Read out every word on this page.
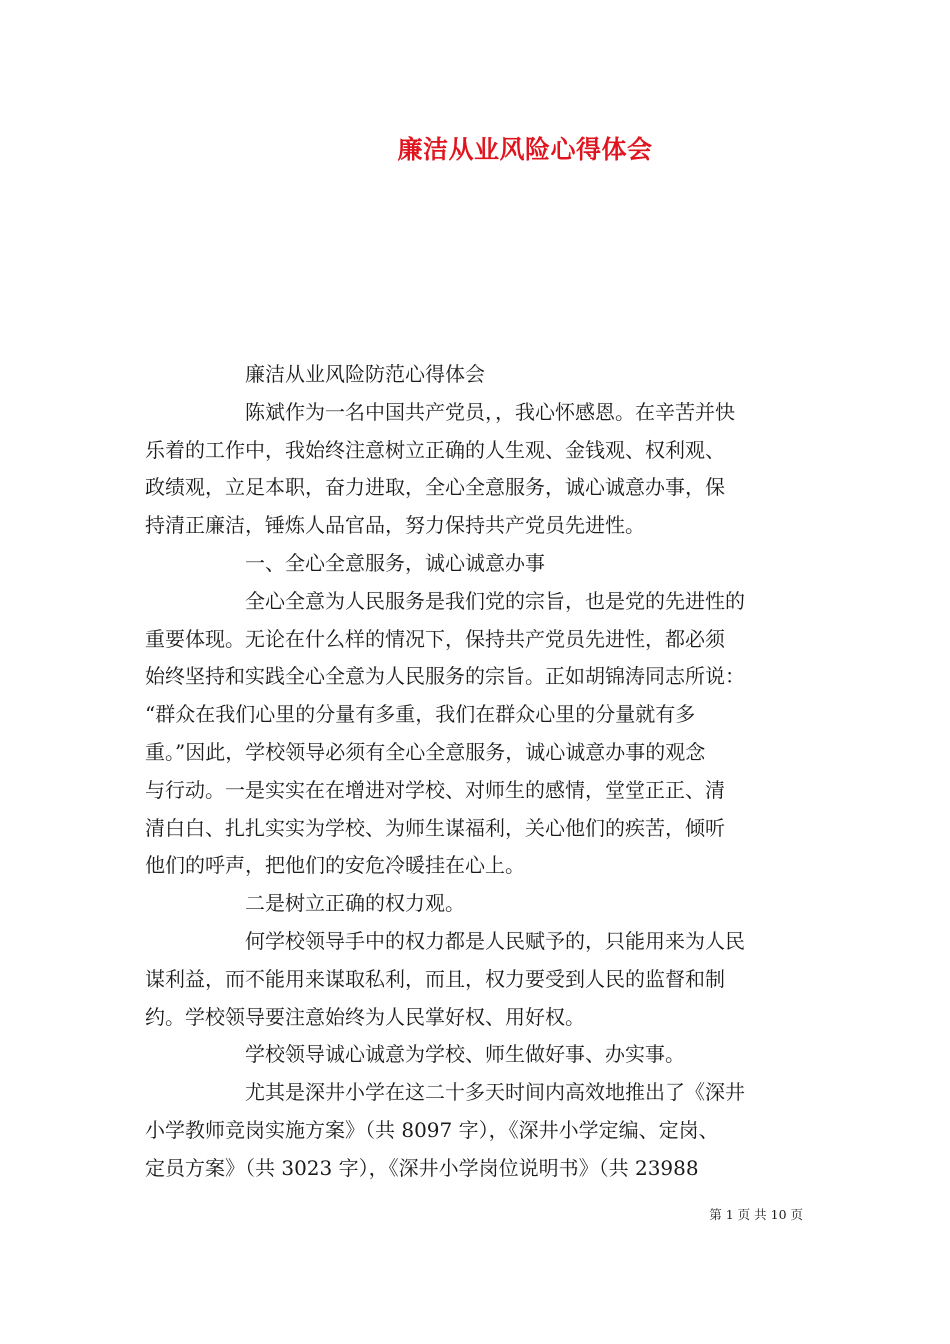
廉洁从业风险心得体会
廉洁从业风险防范心得体会
陈斌作为一名中国共产党员，，我心怀感恩。在辛苦并快
乐着的工作中，我始终注意树立正确的人生观、金钱观、权利观、
政绩观，立足本职，奋力进取，全心全意服务，诚心诚意办事，保
持清正廉洁，锤炼人品官品，努力保持共产党员先进性。
一、全心全意服务，诚心诚意办事
全心全意为人民服务是我们党的宗旨，也是党的先进性的
重要体现。无论在什么样的情况下，保持共产党员先进性，都必须
始终坚持和实践全心全意为人民服务的宗旨。正如胡锦涛同志所说：
“群众在我们心里的分量有多重，我们在群众心里的分量就有多
重。”因此，学校领导必须有全心全意服务，诚心诚意办事的观念
与行动。一是实实在在增进对学校、对师生的感情，堂堂正正、清
清白白、扎扎实实为学校、为师生谋福利，关心他们的疾苦，倾听
他们的呼声，把他们的安危冷暖挂在心上。
二是树立正确的权力观。
何学校领导手中的权力都是人民赋予的，只能用来为人民
谋利益，而不能用来谋取私利，而且，权力要受到人民的监督和制
约。学校领导要注意始终为人民掌好权、用好权。
学校领导诚心诚意为学校、师生做好事、办实事。
尤其是深井小学在这二十多天时间内高效地推出了《深井
小学教师竞岗实施方案》（共 8097 字），《深井小学定编、定岗、
定员方案》（共 3023 字），《深井小学岗位说明书》（共 23988
第 1 页 共 10 页
